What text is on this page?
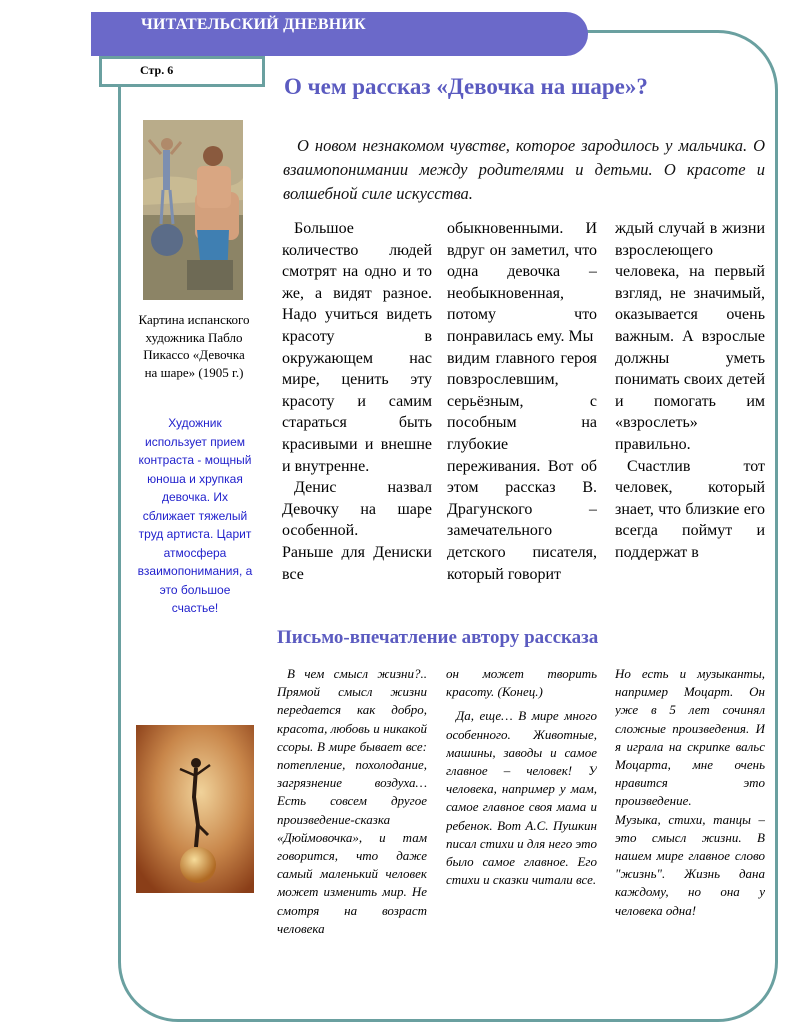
ЧИТАТЕЛЬСКИЙ ДНЕВНИК
Стр. 6
О чем рассказ «Девочка на шаре»?
О новом незнакомом чувстве, которое зародилось у мальчика. О взаимопонимании между родителями и детьми. О красоте и волшебной силе искусства.

Большое количество людей смотрят на одно и то же, а видят разное. Надо учиться видеть красоту в окружающем нас мире, ценить эту красоту и самим стараться быть красивыми и внешне и внутренне.

Денис назвал Девочку на шаре особенной.

Раньше для Дениски все

обыкновенными. И вдруг он заметил, что одна девочка – необыкновенная, потому что понравилась ему. Мы

видим главного героя повзрослевшим, серьёзным, с пособным на глубокие переживания. Вот об этом рассказ В. Драгунского – замечательного детского писателя, который говорит

ждый случай в жизни взрослеющего человека, на первый взгляд, не значимый, оказывается очень важным. А взрослые должны уметь понимать своих детей и помогать им «взрослеть» правильно.

Счастлив тот человек, который знает, что близкие его всегда поймут и поддержат в

Картина испанского художника Пабло Пикассо «Девочка на шаре» (1905 г.)
Художник использует прием контраста - мощный юноша и хрупкая девочка. Их сближает тяжелый труд артиста. Царит атмосфера взаимопонимания, а это большое счастье!
Письмо-впечатление автору рассказа

В чем смысл жизни?.. Прямой смысл жизни передается как добро, красота, любовь и никакой ссоры. В мире бывает все: потепление, похолодание, загрязнение воздуха… Есть совсем другое произведение-сказка «Дюймовочка», и там говорится, что даже самый маленький человек может изменить мир. Не смотря на возраст человека

он может творить красоту. (Конец.)

Да, еще… В мире много особенного. Животные, машины, заводы и самое главное – человек! У человека, например у мам, самое главное своя мама и ребенок. Вот А.С. Пушкин писал стихи и для него это было самое главное. Его стихи и сказки читали все.

Но есть и музыканты, например Моцарт. Он уже в 5 лет сочинял сложные произведения. И я играла на скрипке вальс Моцарта, мне очень нравится это произведение.

Музыка, стихи, танцы – это смысл жизни. В нашем мире главное слово "жизнь". Жизнь дана каждому, но она у человека одна!
